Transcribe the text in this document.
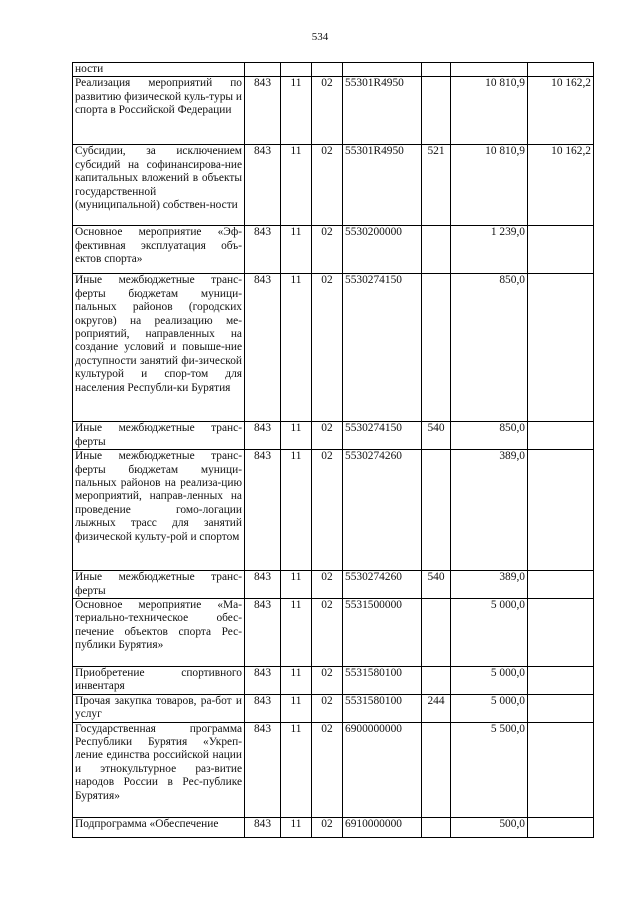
534
ности							
Реализация мероприятий по развитию физической куль-туры и спорта в Российской Федерации	843	11	02	55301R4950		10 810,9	10 162,2
Субсидии, за исключением субсидий на софинансирова-ние капитальных вложений в объекты государственной (муниципальной) собствен-ности	843	11	02	55301R4950	521	10 810,9	10 162,2
Основное мероприятие «Эф-фективная эксплуатация объ-ектов спорта»	843	11	02	5530200000		1 239,0	
Иные межбюджетные транс-ферты бюджетам муници-пальных районов (городских округов) на реализацию ме-роприятий, направленных на создание условий и повыше-ние доступности занятий фи-зической культурой и спор-том для населения Республи-ки Бурятия	843	11	02	5530274150		850,0	
Иные межбюджетные транс-ферты	843	11	02	5530274150	540	850,0	
Иные межбюджетные транс-ферты бюджетам муници-пальных районов на реализа-цию мероприятий, направ-ленных на проведение гомо-логации лыжных трасс для занятий физической культу-рой и спортом	843	11	02	5530274260		389,0	
Иные межбюджетные транс-ферты	843	11	02	5530274260	540	389,0	
Основное мероприятие «Ма-териально-техническое обес-печение объектов спорта Рес-публики Бурятия»	843	11	02	5531500000		5 000,0	
Приобретение спортивного инвентаря	843	11	02	5531580100		5 000,0	
Прочая закупка товаров, ра-бот и услуг	843	11	02	5531580100	244	5 000,0	
Государственная программа Республики Бурятия «Укреп-ление единства российской нации и этнокультурное раз-витие народов России в Рес-публике Бурятия»	843	11	02	6900000000		5 500,0	
Подпрограмма «Обеспечение	843	11	02	6910000000		500,0	
